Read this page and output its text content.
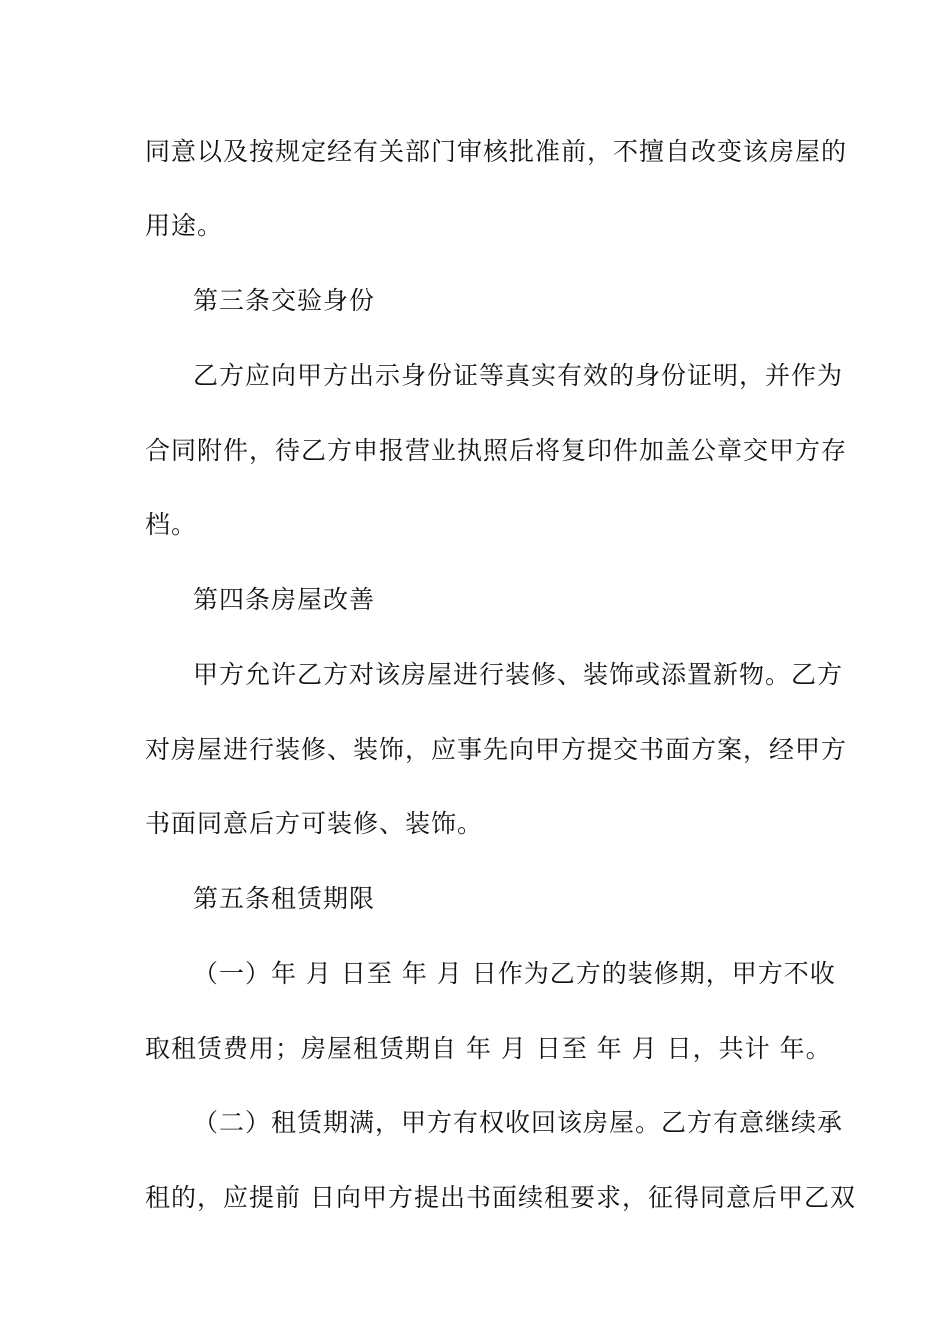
同意以及按规定经有关部门审核批准前，不擅自改变该房屋的
用途。
第三条交验身份
乙方应向甲方出示身份证等真实有效的身份证明，并作为
合同附件，待乙方申报营业执照后将复印件加盖公章交甲方存
档。
第四条房屋改善
甲方允许乙方对该房屋进行装修、装饰或添置新物。乙方
对房屋进行装修、装饰，应事先向甲方提交书面方案，经甲方
书面同意后方可装修、装饰。
第五条租赁期限
（一）年 月 日至 年 月 日作为乙方的装修期，甲方不收
取租赁费用；房屋租赁期自 年 月 日至 年 月 日，共计 年。
（二）租赁期满，甲方有权收回该房屋。乙方有意继续承
租的，应提前 日向甲方提出书面续租要求，征得同意后甲乙双
